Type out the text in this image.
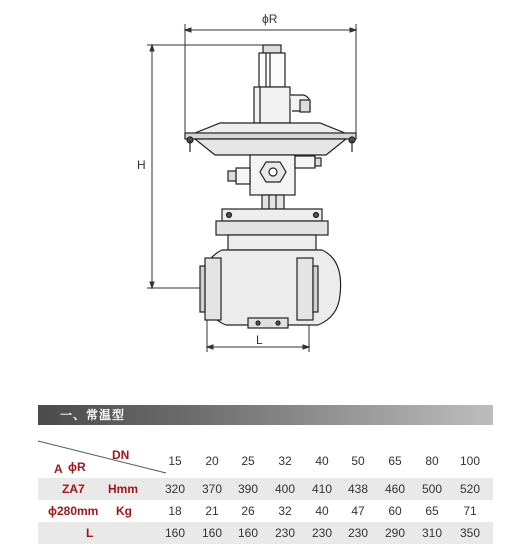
ϕR
H
L
一、常温型
DN
A ϕR	15	20	25	32	40	50	65	80	100
ZA7 Hmm	320	370	390	400	410	438	460	500	520
ϕ280mm Kg	18	21	26	32	40	47	60	65	71
L	160	160	160	230	230	230	290	310	350
